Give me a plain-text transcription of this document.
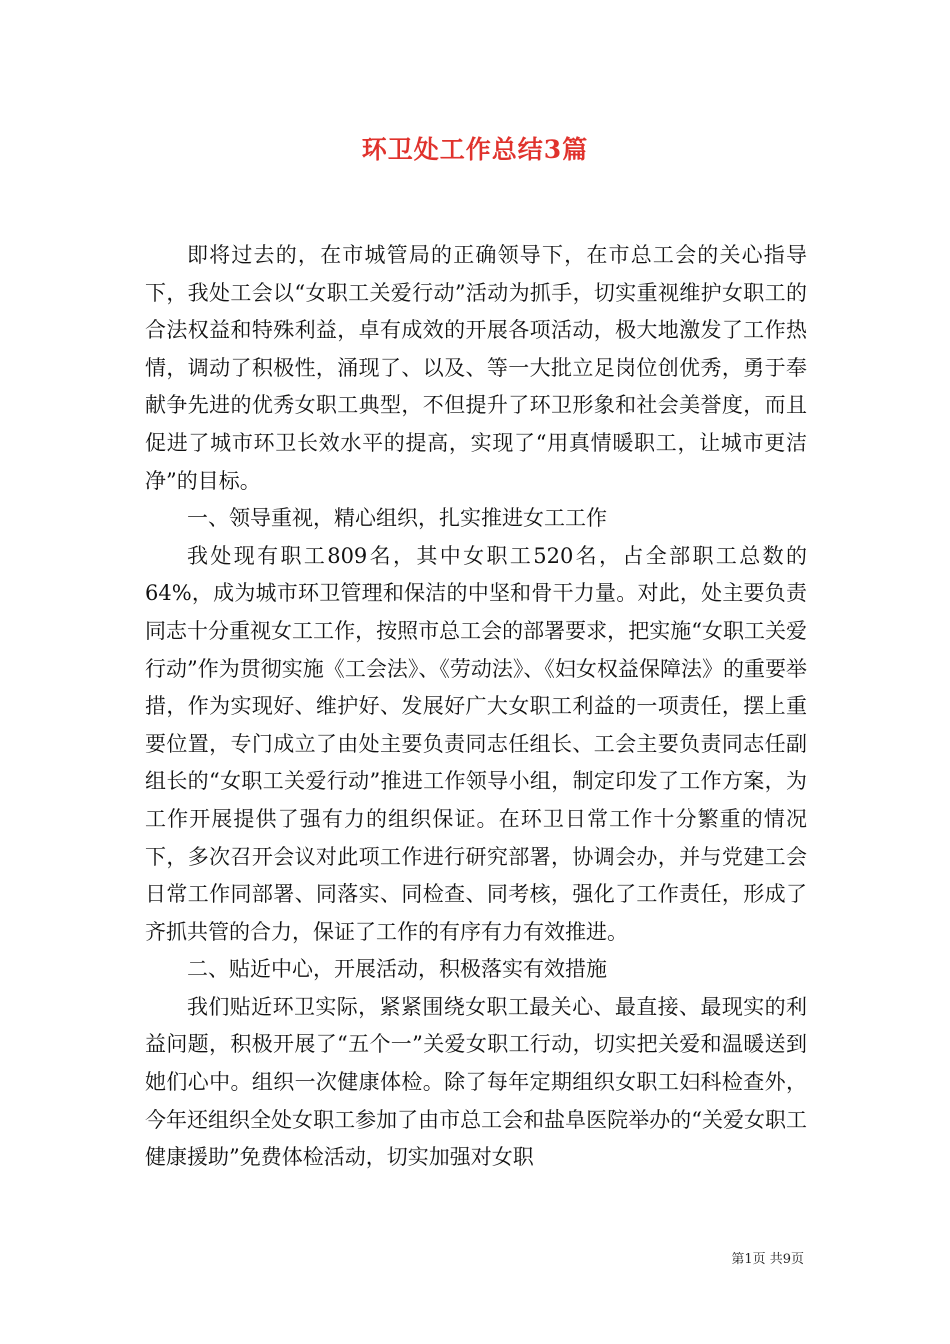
环卫处工作总结3篇

即将过去的，在市城管局的正确领导下，在市总工会的关心指导下，我处工会以“女职工关爱行动”活动为抓手，切实重视维护女职工的合法权益和特殊利益，卓有成效的开展各项活动，极大地激发了工作热情，调动了积极性，涌现了、以及、等一大批立足岗位创优秀，勇于奉献争先进的优秀女职工典型，不但提升了环卫形象和社会美誉度，而且促进了城市环卫长效水平的提高，实现了“用真情暖职工，让城市更洁净”的目标。

一、领导重视，精心组织，扎实推进女工工作

我处现有职工809名，其中女职工520名，占全部职工总数的64%，成为城市环卫管理和保洁的中坚和骨干力量。对此，处主要负责同志十分重视女工工作，按照市总工会的部署要求，把实施“女职工关爱行动”作为贯彻实施《工会法》、《劳动法》、《妇女权益保障法》的重要举措，作为实现好、维护好、发展好广大女职工利益的一项责任，摆上重要位置，专门成立了由处主要负责同志任组长、工会主要负责同志任副组长的“女职工关爱行动”推进工作领导小组，制定印发了工作方案，为工作开展提供了强有力的组织保证。在环卫日常工作十分繁重的情况下，多次召开会议对此项工作进行研究部署，协调会办，并与党建工会日常工作同部署、同落实、同检查、同考核，强化了工作责任，形成了齐抓共管的合力，保证了工作的有序有力有效推进。

二、贴近中心，开展活动，积极落实有效措施

我们贴近环卫实际，紧紧围绕女职工最关心、最直接、最现实的利益问题，积极开展了“五个一”关爱女职工行动，切实把关爱和温暖送到她们心中。组织一次健康体检。除了每年定期组织女职工妇科检查外，今年还组织全处女职工参加了由市总工会和盐阜医院举办的“关爱女职工健康援助”免费体检活动，切实加强对女职

第1页 共9页
